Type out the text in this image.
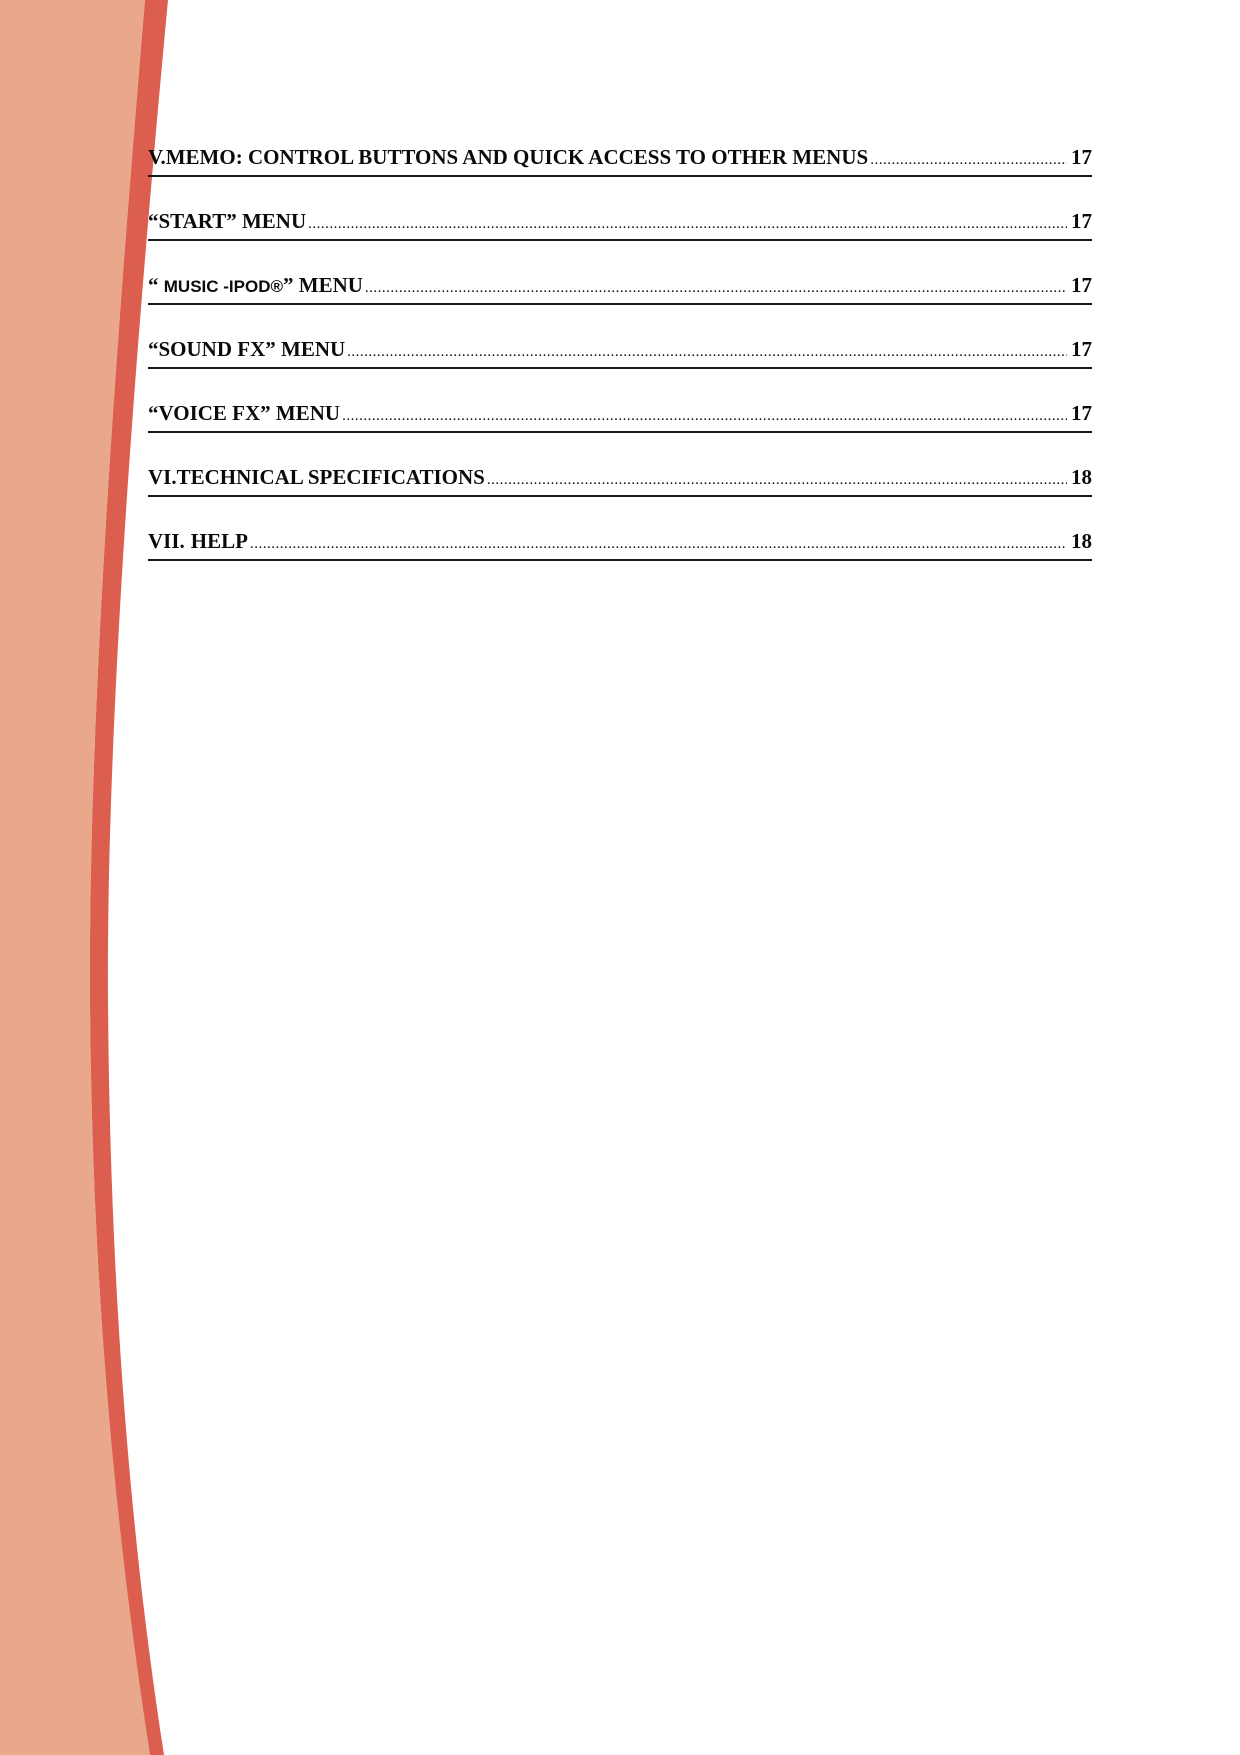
V. MEMO: CONTROL BUTTONS AND QUICK ACCESS TO OTHER MENUS .....	17
“START” MENU .....	17
“ MUSIC -IPOD®” MENU .....	17
“SOUND FX” MENU .....	17
“VOICE FX” MENU .....	17
VI. TECHNICAL SPECIFICATIONS .....	18
VII. HELP .....	18
